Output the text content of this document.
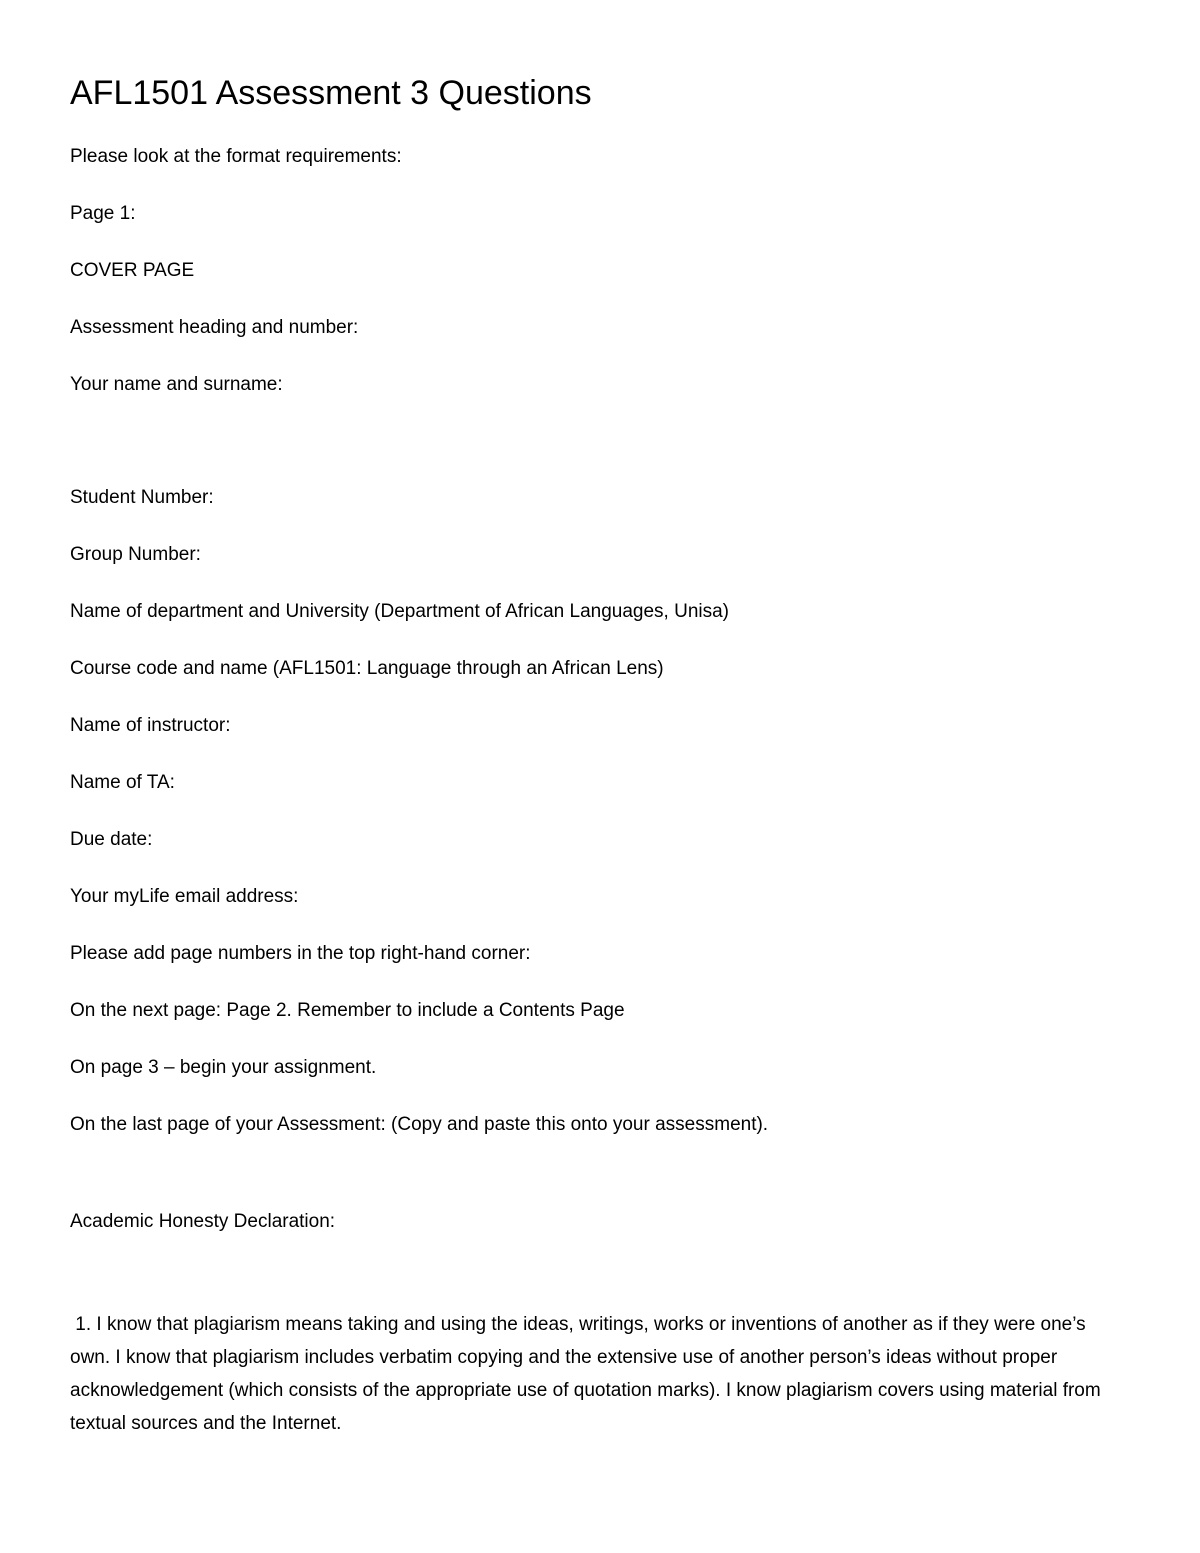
AFL1501 Assessment 3 Questions

Please look at the format requirements:

Page 1:

COVER PAGE

Assessment heading and number:

Your name and surname:

Student Number:

Group Number:

Name of department and University (Department of African Languages, Unisa)

Course code and name (AFL1501: Language through an African Lens)

Name of instructor:

Name of TA:

Due date:

Your myLife email address:

Please add page numbers in the top right-hand corner:

On the next page: Page 2. Remember to include a Contents Page

On page 3 – begin your assignment.

On the last page of your Assessment: (Copy and paste this onto your assessment).

Academic Honesty Declaration:

1. I know that plagiarism means taking and using the ideas, writings, works or inventions of another as if they were one’s own. I know that plagiarism includes verbatim copying and the extensive use of another person’s ideas without proper acknowledgement (which consists of the appropriate use of quotation marks). I know plagiarism covers using material from textual sources and the Internet.
